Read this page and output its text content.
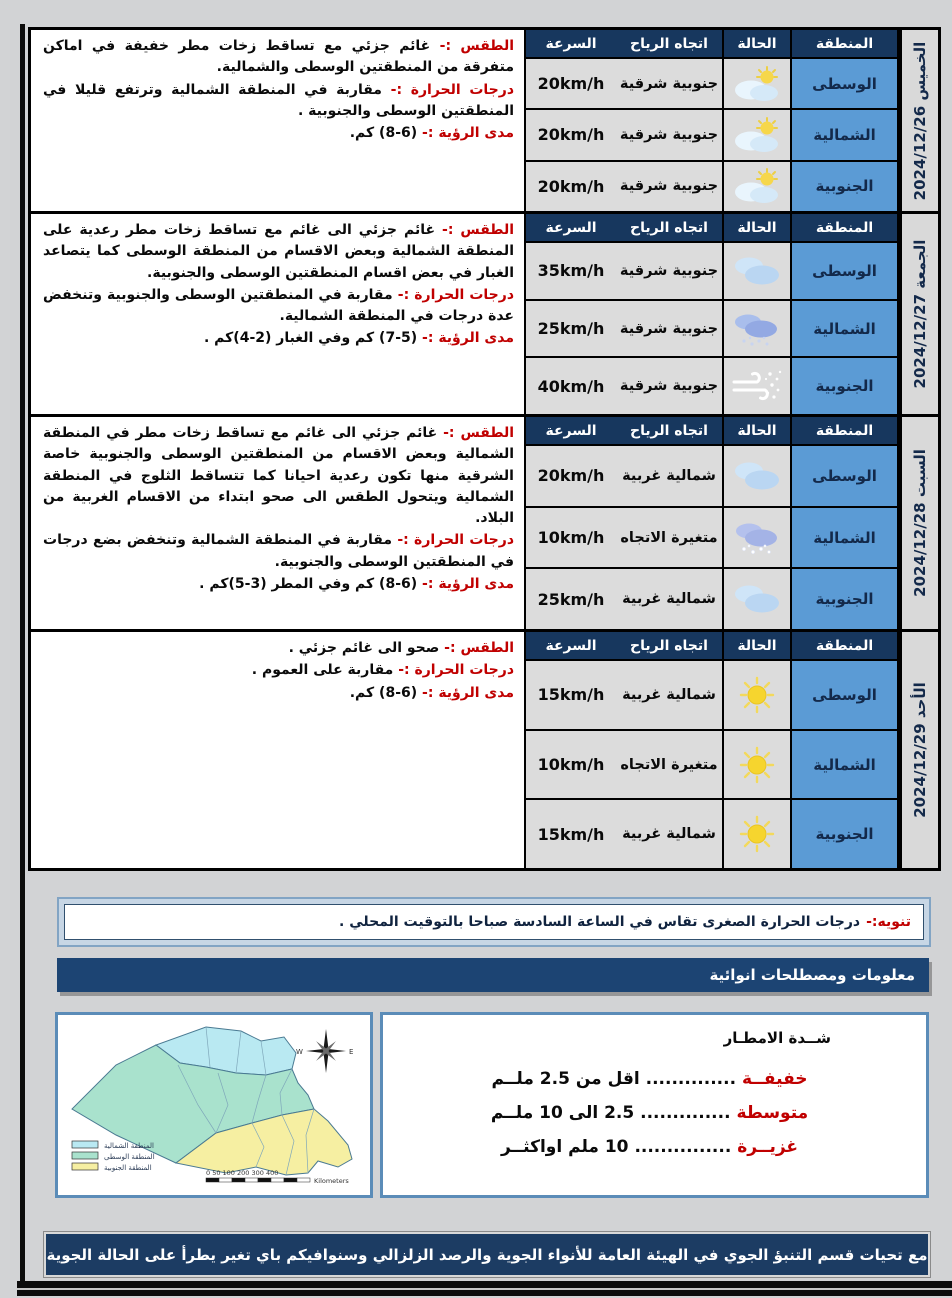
الطقس :- غائم جزئي مع تساقط زخات مطر خفيفة في اماكن متفرقة من المنطقتين الوسطى والشمالية.

درجات الحرارة :- مقاربة في المنطقة الشمالية وترتفع قليلا في المنطقتين الوسطى والجنوبية .

مدى الرؤية :- (6-8) كم.

السرعة	اتجاه الرياح	الحالة	المنطقة
20km/h	جنوبية شرقية	الوسطى
20km/h	جنوبية شرقية	الشمالية
20km/h	جنوبية شرقية	الجنوبية	الخميس 2024/12/26

الطقس :- غائم جزئي الى غائم مع تساقط زخات مطر رعدية على المنطقة الشمالية وبعض الاقسام من المنطقة الوسطى كما يتصاعد الغبار في بعض اقسام المنطقتين الوسطى والجنوبية.

درجات الحرارة :- مقاربة في المنطقتين الوسطى والجنوبية وتنخفض عدة درجات في المنطقة الشمالية.

مدى الرؤية :- (5-7) كم وفي الغبار (2-4)كم .

السرعة	اتجاه الرياح	الحالة	المنطقة
35km/h	جنوبية شرقية	الوسطى
25km/h	جنوبية شرقية	الشمالية
40km/h	جنوبية شرقية	الجنوبية	الجمعة 2024/12/27

الطقس :- غائم جزئي الى غائم مع تساقط زخات مطر في المنطقة الشمالية وبعض الاقسام من المنطقتين الوسطى والجنوبية خاصة الشرقية منها تكون رعدية احيانا كما تتساقط الثلوج في المنطقة الشمالية ويتحول الطقس الى صحو ابتداء من الاقسام الغربية من البلاد.

درجات الحرارة :- مقاربة في المنطقة الشمالية وتنخفض بضع درجات في المنطقتين الوسطى والجنوبية.

مدى الرؤية :- (6-8) كم وفي المطر (3-5)كم .

السرعة	اتجاه الرياح	الحالة	المنطقة
20km/h	شمالية غربية	الوسطى
10km/h	متغيرة الاتجاه	الشمالية
25km/h	شمالية غربية	الجنوبية
السبت 2024/12/28

الطقس :- صحو الى غائم جزئي .

درجات الحرارة :- مقاربة على العموم .

مدى الرؤية :- (6-8) كم.

السرعة	اتجاه الرياح	الحالة	المنطقة
15km/h	شمالية غربية	الوسطى
10km/h	متغيرة الاتجاه	الشمالية
15km/h	شمالية غربية	الجنوبية
الأحد 2024/12/29
تنويه:-
درجات الحرارة الصغرى تقاس في الساعة السادسة صباحا بالتوقيت المحلي .
معلومات ومصطلحات انوائية
W	E
المنطقة الشمالية
المنطقة الوسطى
المنطقة الجنوبية
0 50 100 200 300 400
Kilometers

شــدة الامطـار

خفيفــة .............. اقل من 2.5 ملــم
متوسطة .............. 2.5 الى 10 ملــم
غزيــرة ............... 10 ملم اواكثــر
مع تحيات قسم التنبؤ الجوي في الهيئة العامة للأنواء الجوية والرصد الزلزالي وسنوافيكم باي تغير يطرأ على الحالة الجوية
